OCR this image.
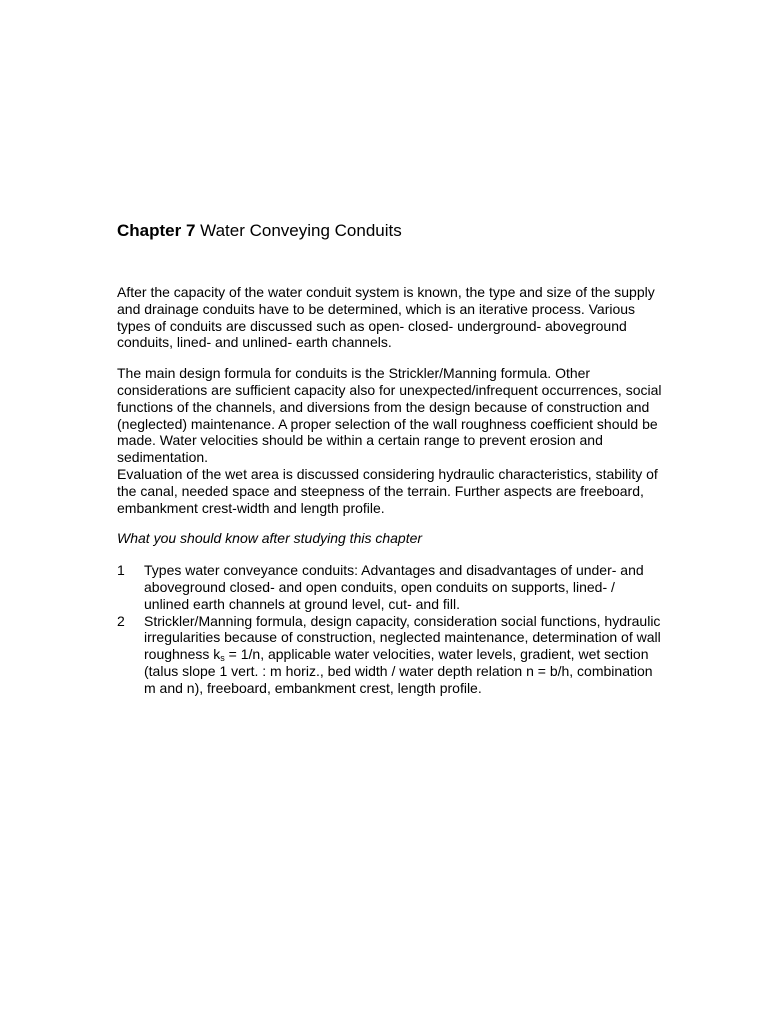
Chapter 7 Water Conveying Conduits

After the capacity of the water conduit system is known, the type and size of the supply and drainage conduits have to be determined, which is an iterative process. Various types of conduits are discussed such as open- closed- underground- aboveground conduits, lined- and unlined- earth channels.

The main design formula for conduits is the Strickler/Manning formula. Other considerations are sufficient capacity also for unexpected/infrequent occurrences, social functions of the channels, and diversions from the design because of construction and (neglected) maintenance. A proper selection of the wall roughness coefficient should be made. Water velocities should be within a certain range to prevent erosion and sedimentation.

Evaluation of the wet area is discussed considering hydraulic characteristics, stability of the canal, needed space and steepness of the terrain. Further aspects are freeboard, embankment crest-width and length profile.

What you should know after studying this chapter

1	Types water conveyance conduits: Advantages and disadvantages of under- and aboveground closed- and open conduits, open conduits on supports, lined- / unlined earth channels at ground level, cut- and fill.
2	Strickler/Manning formula, design capacity, consideration social functions, hydraulic irregularities because of construction, neglected maintenance, determination of wall roughness ks = 1/n, applicable water velocities, water levels, gradient, wet section (talus slope 1 vert. : m horiz., bed width / water depth relation n = b/h, combination m and n), freeboard, embankment crest, length profile.
